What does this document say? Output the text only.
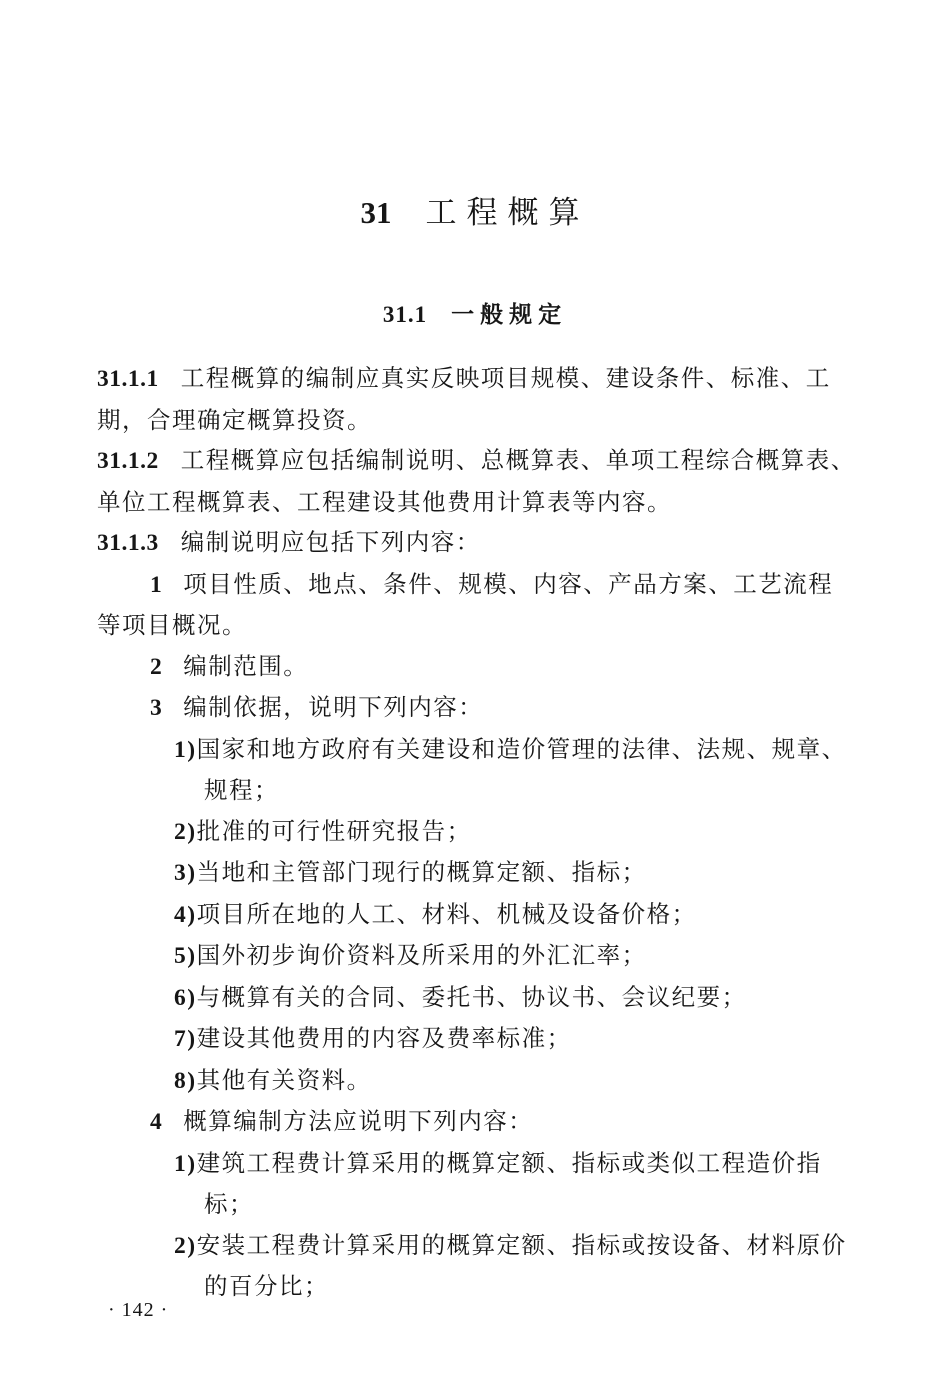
31 工程概算
31.1 一般规定

31.1.1 工程概算的编制应真实反映项目规模、建设条件、标准、工期，合理确定概算投资。

31.1.2 工程概算应包括编制说明、总概算表、单项工程综合概算表、单位工程概算表、工程建设其他费用计算表等内容。

31.1.3 编制说明应包括下列内容：

1 项目性质、地点、条件、规模、内容、产品方案、工艺流程等项目概况。

2 编制范围。

3 编制依据，说明下列内容：

1)国家和地方政府有关建设和造价管理的法律、法规、规章、规程；

2)批准的可行性研究报告；

3)当地和主管部门现行的概算定额、指标；

4)项目所在地的人工、材料、机械及设备价格；

5)国外初步询价资料及所采用的外汇汇率；

6)与概算有关的合同、委托书、协议书、会议纪要；

7)建设其他费用的内容及费率标准；

8)其他有关资料。

4 概算编制方法应说明下列内容：

1)建筑工程费计算采用的概算定额、指标或类似工程造价指标；

2)安装工程费计算采用的概算定额、指标或按设备、材料原价的百分比；

· 142 ·
